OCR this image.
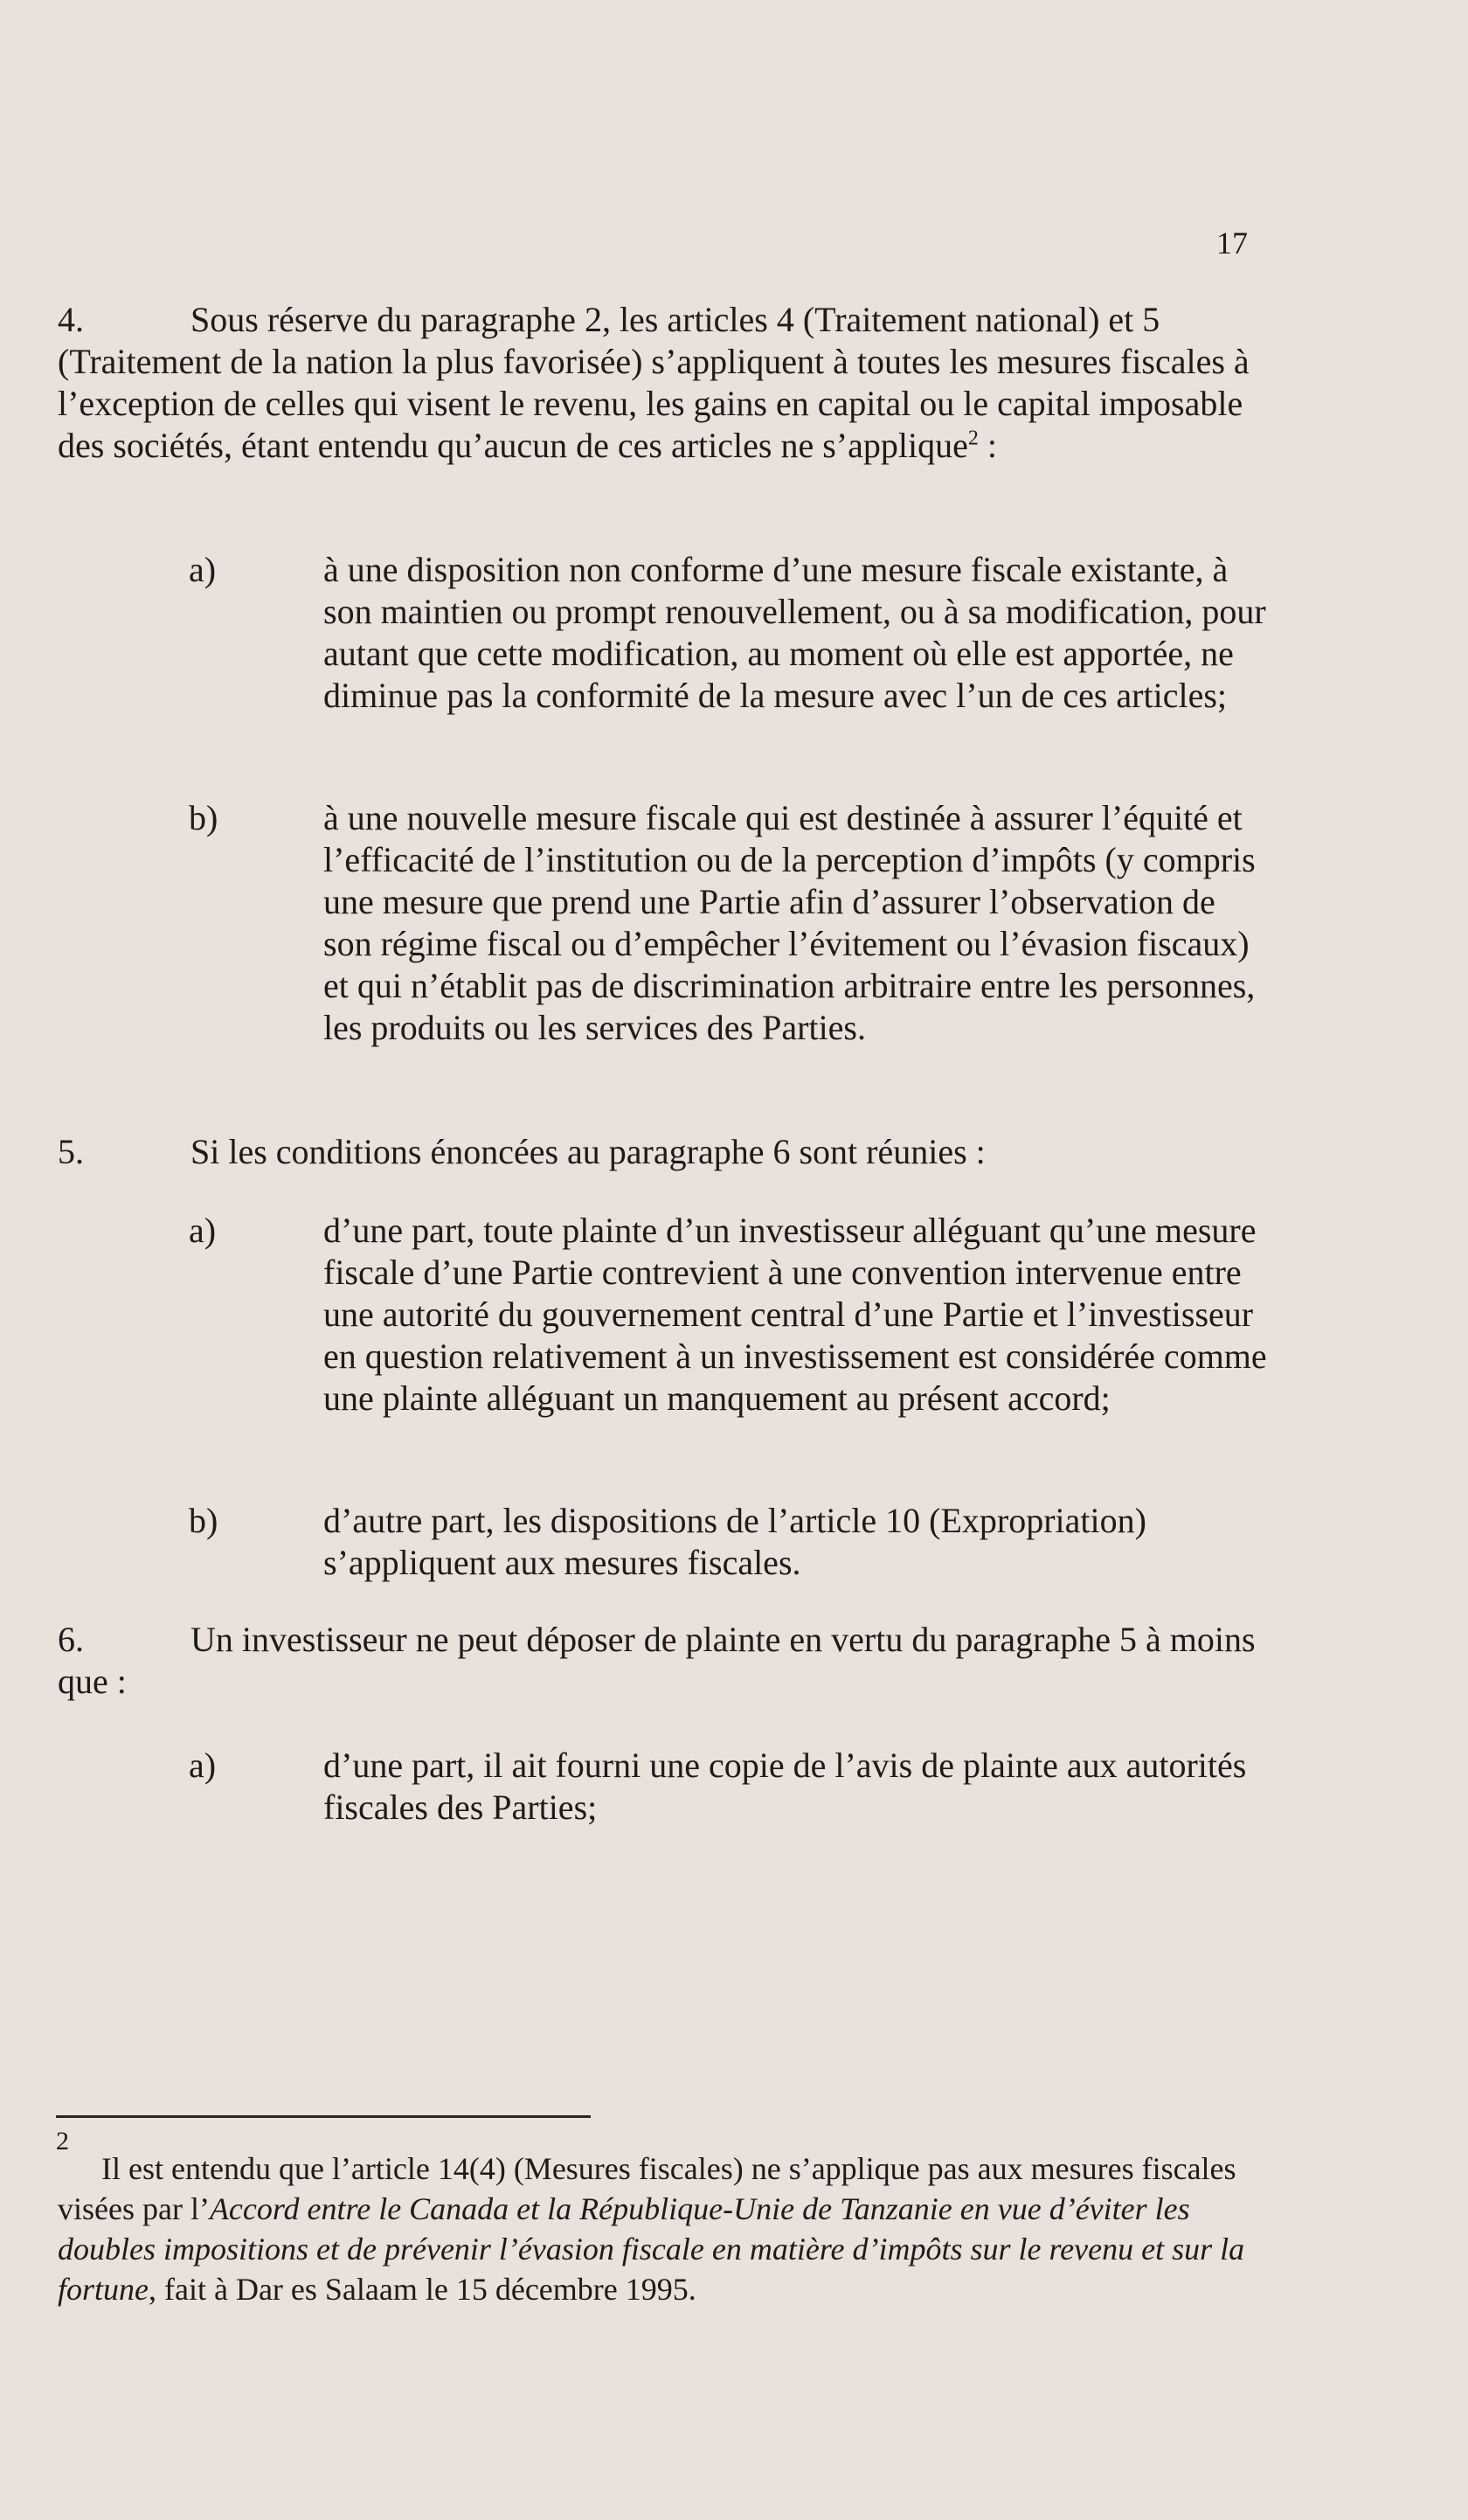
17

4.	Sous réserve du paragraphe 2, les articles 4 (Traitement national) et 5 (Traitement de la nation la plus favorisée) s’appliquent à toutes les mesures fiscales à l’exception de celles qui visent le revenu, les gains en capital ou le capital imposable des sociétés, étant entendu qu’aucun de ces articles ne s’applique$^2$ :

a)	à une disposition non conforme d’une mesure fiscale existante, à son maintien ou prompt renouvellement, ou à sa modification, pour autant que cette modification, au moment où elle est apportée, ne diminue pas la conformité de la mesure avec l’un de ces articles;
b)	à une nouvelle mesure fiscale qui est destinée à assurer l’équité et l’efficacité de l’institution ou de la perception d’impôts (y compris une mesure que prend une Partie afin d’assurer l’observation de son régime fiscal ou d’empêcher l’évitement ou l’évasion fiscaux) et qui n’établit pas de discrimination arbitraire entre les personnes, les produits ou les services des Parties.

5.	Si les conditions énoncées au paragraphe 6 sont réunies :

a)	d’une part, toute plainte d’un investisseur alléguant qu’une mesure fiscale d’une Partie contrevient à une convention intervenue entre une autorité du gouvernement central d’une Partie et l’investisseur en question relativement à un investissement est considérée comme une plainte alléguant un manquement au présent accord;
b)	d’autre part, les dispositions de l’article 10 (Expropriation) s’appliquent aux mesures fiscales.

6.	Un investisseur ne peut déposer de plainte en vertu du paragraphe 5 à moins que :

a)	d’une part, il ait fourni une copie de l’avis de plainte aux autorités fiscales des Parties;
2
Il est entendu que l’article 14(4) (Mesures fiscales) ne s’applique pas aux mesures fiscales visées par l’Accord entre le Canada et la République-Unie de Tanzanie en vue d’éviter les doubles impositions et de prévenir l’évasion fiscale en matière d’impôts sur le revenu et sur la fortune, fait à Dar es Salaam le 15 décembre 1995.
